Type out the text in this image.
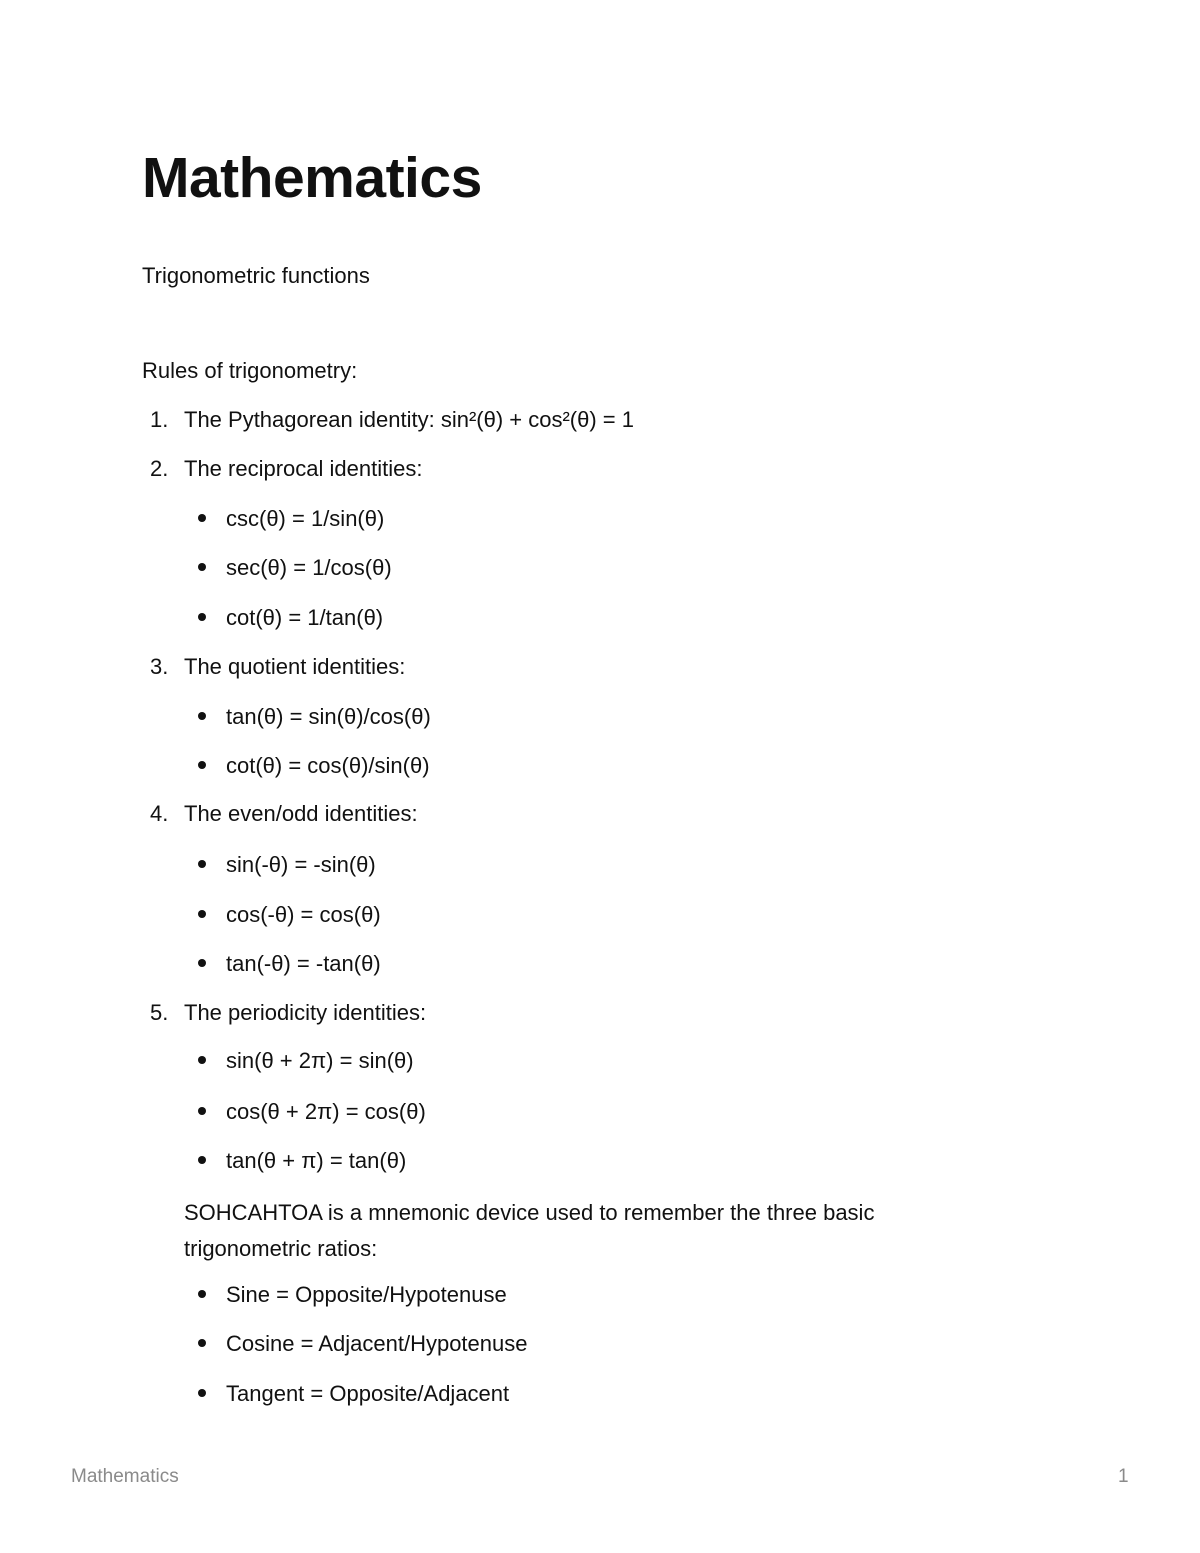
Mathematics
Trigonometric functions
Rules of trigonometry:
1. The Pythagorean identity: sin²(θ) + cos²(θ) = 1
2. The reciprocal identities:
csc(θ) = 1/sin(θ)
sec(θ) = 1/cos(θ)
cot(θ) = 1/tan(θ)
3. The quotient identities:
tan(θ) = sin(θ)/cos(θ)
cot(θ) = cos(θ)/sin(θ)
4. The even/odd identities:
sin(-θ) = -sin(θ)
cos(-θ) = cos(θ)
tan(-θ) = -tan(θ)
5. The periodicity identities:
sin(θ + 2π) = sin(θ)
cos(θ + 2π) = cos(θ)
tan(θ + π) = tan(θ)
SOHCAHTOA is a mnemonic device used to remember the three basic trigonometric ratios:
Sine = Opposite/Hypotenuse
Cosine = Adjacent/Hypotenuse
Tangent = Opposite/Adjacent
Mathematics	1
